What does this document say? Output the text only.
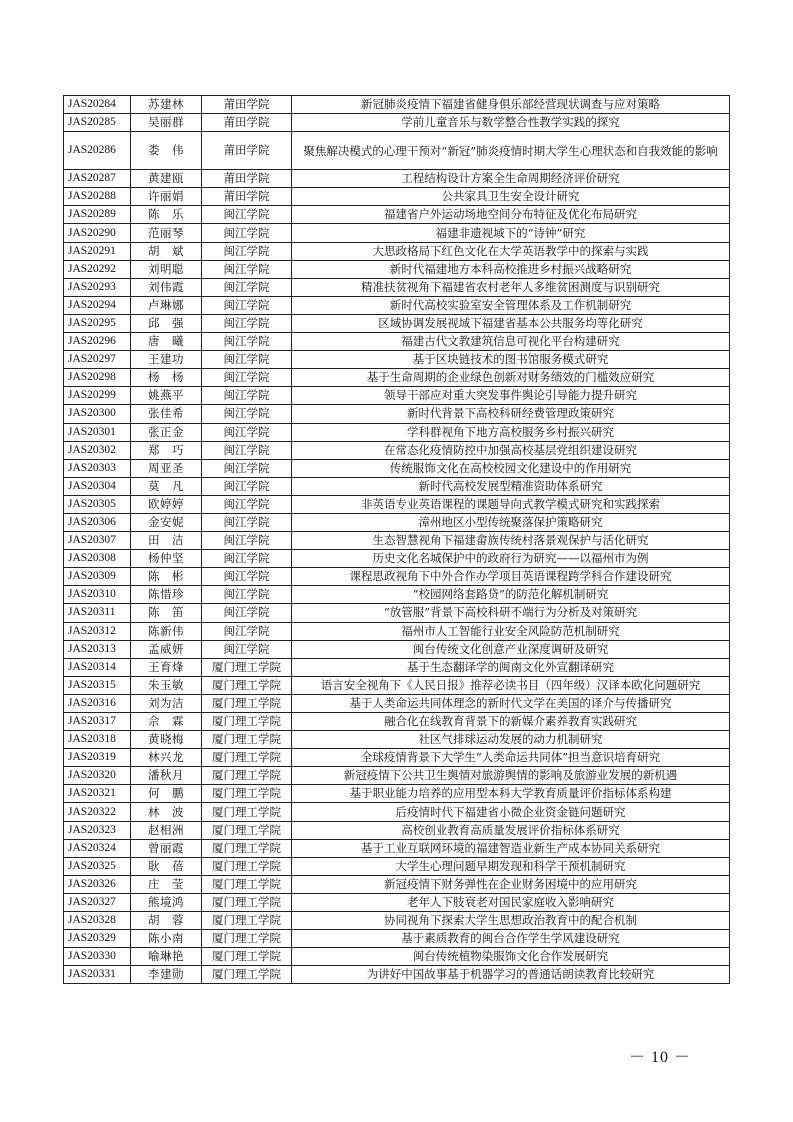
JAS20284	苏建林	莆田学院	新冠肺炎疫情下福建省健身俱乐部经营现状调查与应对策略
JAS20285	吴丽群	莆田学院	学前儿童音乐与数学整合性教学实践的探究
JAS20286	娄　伟	莆田学院	聚焦解决模式的心理干预对“新冠”肺炎疫情时期大学生心理状态和自我效能的影响
JAS20287	黄建瓯	莆田学院	工程结构设计方案全生命周期经济评价研究
JAS20288	许丽娟	莆田学院	公共家具卫生安全设计研究
JAS20289	陈　乐	闽江学院	福建省户外运动场地空间分布特征及优化布局研究
JAS20290	范丽琴	闽江学院	福建非遗视域下的“诗钟”研究
JAS20291	胡　斌	闽江学院	大思政格局下红色文化在大学英语教学中的探索与实践
JAS20292	刘明聪	闽江学院	新时代福建地方本科高校推进乡村振兴战略研究
JAS20293	刘伟霞	闽江学院	精准扶贫视角下福建省农村老年人多维贫困测度与识别研究
JAS20294	卢琳娜	闽江学院	新时代高校实验室安全管理体系及工作机制研究
JAS20295	邱　强	闽江学院	区域协调发展视域下福建省基本公共服务均等化研究
JAS20296	唐　曦	闽江学院	福建古代文教建筑信息可视化平台构建研究
JAS20297	王建功	闽江学院	基于区块链技术的图书馆服务模式研究
JAS20298	杨　杨	闽江学院	基于生命周期的企业绿色创新对财务绩效的门槛效应研究
JAS20299	姚燕平	闽江学院	领导干部应对重大突发事件舆论引导能力提升研究
JAS20300	张佳希	闽江学院	新时代背景下高校科研经费管理政策研究
JAS20301	张正金	闽江学院	学科群视角下地方高校服务乡村振兴研究
JAS20302	郑　巧	闽江学院	在常态化疫情防控中加强高校基层党组织建设研究
JAS20303	周亚圣	闽江学院	传统服饰文化在高校校园文化建设中的作用研究
JAS20304	莫　凡	闽江学院	新时代高校发展型精准资助体系研究
JAS20305	欧婷婷	闽江学院	非英语专业英语课程的课题导向式教学模式研究和实践探索
JAS20306	金安妮	闽江学院	漳州地区小型传统聚落保护策略研究
JAS20307	田　洁	闽江学院	生态智慧视角下福建畲族传统村落景观保护与活化研究
JAS20308	杨仲坚	闽江学院	历史文化名城保护中的政府行为研究——以福州市为例
JAS20309	陈　彬	闽江学院	课程思政视角下中外合作办学项目英语课程跨学科合作建设研究
JAS20310	陈惜珍	闽江学院	“校园网络套路贷”的防范化解机制研究
JAS20311	陈　笛	闽江学院	“放管服”背景下高校科研不端行为分析及对策研究
JAS20312	陈新伟	闽江学院	福州市人工智能行业安全风险防范机制研究
JAS20313	孟威妍	闽江学院	闽台传统文化创意产业深度调研及研究
JAS20314	王育烽	厦门理工学院	基于生态翻译学的闽南文化外宣翻译研究
JAS20315	朱玉敏	厦门理工学院	语言安全视角下《人民日报》推荐必读书目（四年级）汉译本欧化问题研究
JAS20316	刘为洁	厦门理工学院	基于人类命运共同体理念的新时代文学在美国的译介与传播研究
JAS20317	佘　霖	厦门理工学院	融合化在线教育背景下的新媒介素养教育实践研究
JAS20318	黄晓梅	厦门理工学院	社区气排球运动发展的动力机制研究
JAS20319	林兴龙	厦门理工学院	全球疫情背景下大学生“人类命运共同体”担当意识培育研究
JAS20320	潘秋月	厦门理工学院	新冠疫情下公共卫生舆情对旅游舆情的影响及旅游业发展的新机遇
JAS20321	何　鹏	厦门理工学院	基于职业能力培养的应用型本科大学教育质量评价指标体系构建
JAS20322	林　波	厦门理工学院	后疫情时代下福建省小微企业资金链问题研究
JAS20323	赵相洲	厦门理工学院	高校创业教育高质量发展评价指标体系研究
JAS20324	曾丽霞	厦门理工学院	基于工业互联网环境的福建智造业新生产成本协同关系研究
JAS20325	耿　蓓	厦门理工学院	大学生心理问题早期发现和科学干预机制研究
JAS20326	庄　莹	厦门理工学院	新冠疫情下财务弹性在企业财务困境中的应用研究
JAS20327	熊境鸿	厦门理工学院	老年人下肢衰老对国民家庭收入影响研究
JAS20328	胡　蓉	厦门理工学院	协同视角下探索大学生思想政治教育中的配合机制
JAS20329	陈小南	厦门理工学院	基于素质教育的闽台合作学生学风建设研究
JAS20330	喻琳艳	厦门理工学院	闽台传统植物染服饰文化合作发展研究
JAS20331	李建勋	厦门理工学院	为讲好中国故事基于机器学习的普通话朗读教育比较研究
－ 10 －
